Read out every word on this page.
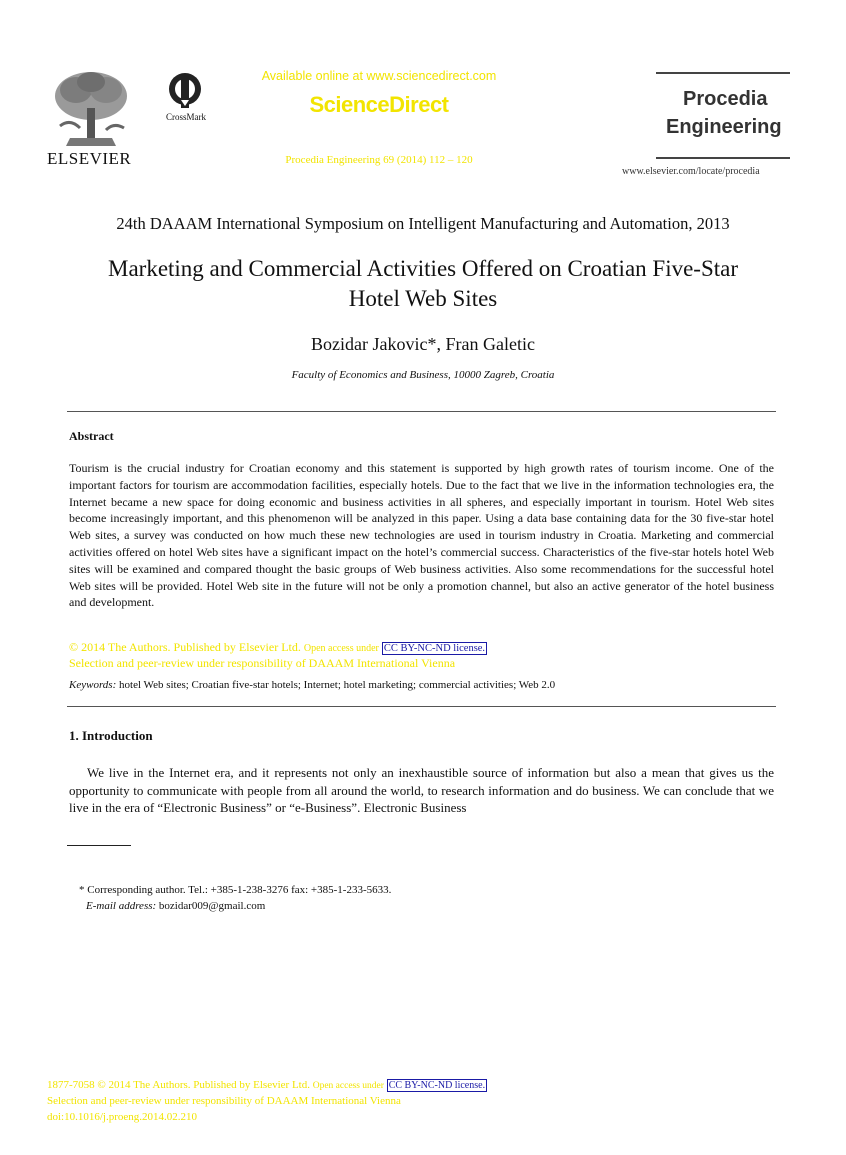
ELSEVIER
CrossMark
Available online at www.sciencedirect.com
ScienceDirect
Procedia Engineering 69 (2014) 112 – 120
Procedia
Engineering
www.elsevier.com/locate/procedia
24th DAAAM International Symposium on Intelligent Manufacturing and Automation, 2013
Marketing and Commercial Activities Offered on Croatian Five-Star
Hotel Web Sites
Bozidar Jakovic*, Fran Galetic
Faculty of Economics and Business, 10000 Zagreb, Croatia
Abstract
Tourism is the crucial industry for Croatian economy and this statement is supported by high growth rates of tourism income. One of the important factors for tourism are accommodation facilities, especially hotels. Due to the fact that we live in the information technologies era, the Internet became a new space for doing economic and business activities in all spheres, and especially important in tourism. Hotel Web sites become increasingly important, and this phenomenon will be analyzed in this paper. Using a data base containing data for the 30 five-star hotel Web sites, a survey was conducted on how much these new technologies are used in tourism industry in Croatia. Marketing and commercial activities offered on hotel Web sites have a significant impact on the hotel’s commercial success. Characteristics of the five-star hotels hotel Web sites will be examined and compared thought the basic groups of Web business activities. Also some recommendations for the successful hotel Web sites will be provided. Hotel Web site in the future will not be only a promotion channel, but also an active generator of the hotel business and development.
© 2014 The Authors. Published by Elsevier Ltd. Open access under CC BY-NC-ND license.
Selection and peer-review under responsibility of DAAAM International Vienna
Keywords: hotel Web sites; Croatian five-star hotels; Internet; hotel marketing; commercial activities; Web 2.0
1. Introduction
We live in the Internet era, and it represents not only an inexhaustible source of information but also a mean that gives us the opportunity to communicate with people from all around the world, to research information and do business. We can conclude that we live in the era of “Electronic Business” or “e-Business”. Electronic Business
* Corresponding author. Tel.: +385-1-238-3276 fax: +385-1-233-5633.
E-mail address: bozidar009@gmail.com
1877-7058 © 2014 The Authors. Published by Elsevier Ltd. Open access under CC BY-NC-ND license.
Selection and peer-review under responsibility of DAAAM International Vienna
doi:10.1016/j.proeng.2014.02.210
